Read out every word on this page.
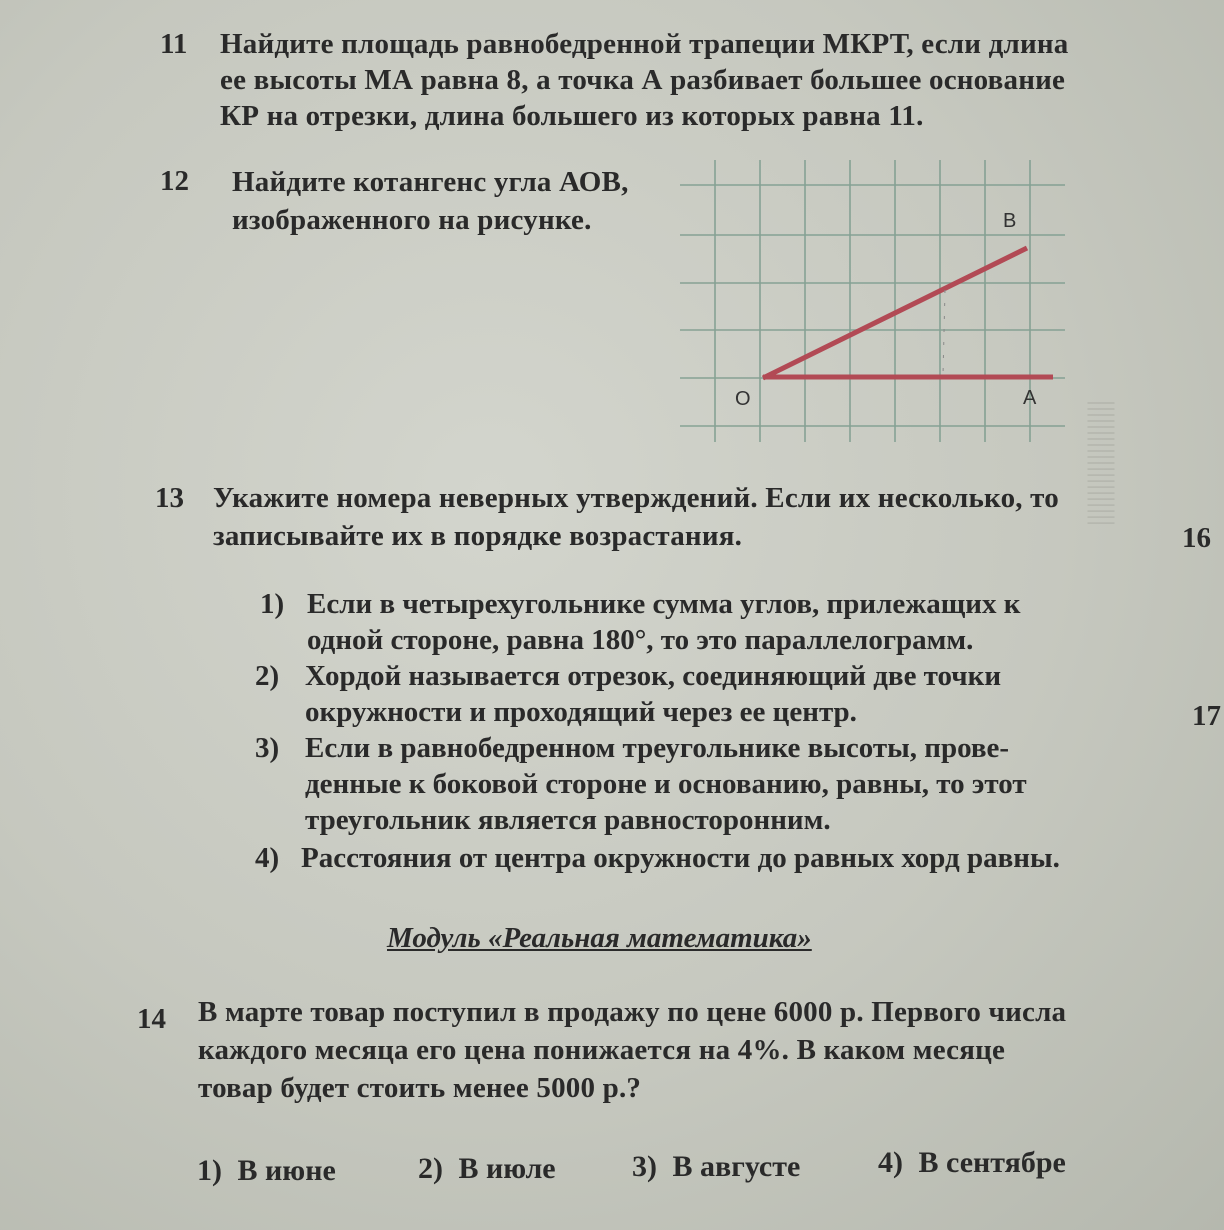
|||||||||||||||||||||
11 Найдите площадь равнобедренной трапеции МКРТ, если длина
ее высоты МА равна 8, а точка А разбивает большее основание
КР на отрезки, длина большего из которых равна 11.
12 Найдите котангенс угла АОВ,
изображенного на рисунке.	B
O	A
13 Укажите номера неверных утверждений. Если их несколько, то
записывайте их в порядке возрастания.
1) Если в четырехугольнике сумма углов, прилежащих к
одной стороне, равна 180°, то это параллелограмм.
2) Хордой называется отрезок, соединяющий две точки
окружности и проходящий через ее центр.
3) Если в равнобедренном треугольнике высоты, прове-
денные к боковой стороне и основанию, равны, то этот
треугольник является равносторонним.
4) Расстояния от центра окружности до равных хорд равны.
16
17
Модуль «Реальная математика»
14 В марте товар поступил в продажу по цене 6000 р. Первого числа
каждого месяца его цена понижается на 4%. В каком месяце
товар будет стоить менее 5000 р.?
1) В июне	2) В июле	3) В августе	4) В сентябре
